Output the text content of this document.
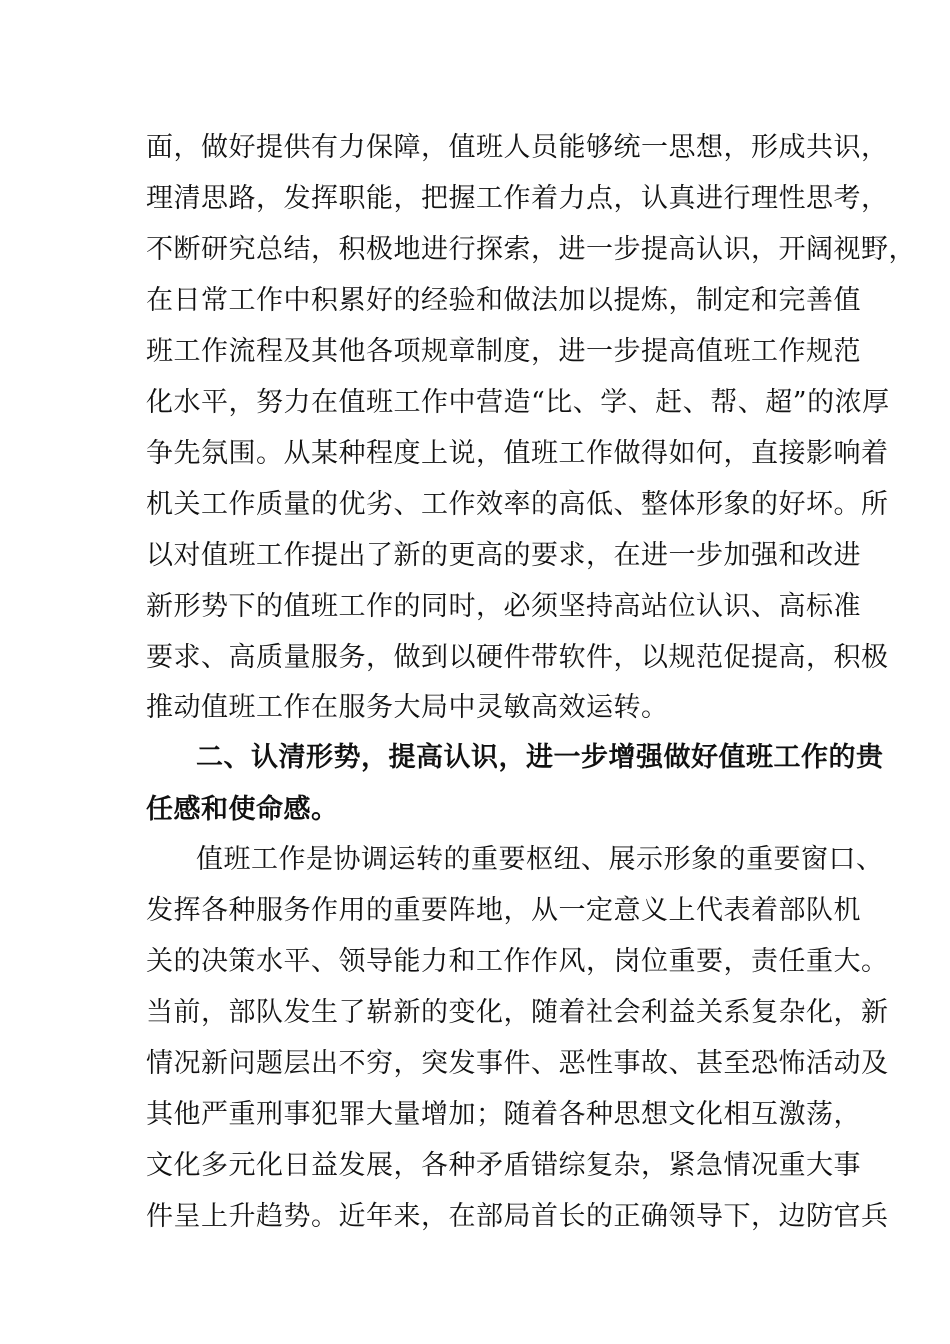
面，做好提供有力保障，值班人员能够统一思想，形成共识，
理清思路，发挥职能，把握工作着力点，认真进行理性思考，
不断研究总结，积极地进行探索，进一步提高认识，开阔视野，
在日常工作中积累好的经验和做法加以提炼，制定和完善值
班工作流程及其他各项规章制度，进一步提高值班工作规范
化水平，努力在值班工作中营造“比、学、赶、帮、超”的浓厚
争先氛围。从某种程度上说，值班工作做得如何，直接影响着
机关工作质量的优劣、工作效率的高低、整体形象的好坏。所
以对值班工作提出了新的更高的要求，在进一步加强和改进
新形势下的值班工作的同时，必须坚持高站位认识、高标准
要求、高质量服务，做到以硬件带软件，以规范促提高，积极
推动值班工作在服务大局中灵敏高效运转。
二、认清形势，提高认识，进一步增强做好值班工作的贵
任感和使命感。
值班工作是协调运转的重要枢纽、展示形象的重要窗口、
发挥各种服务作用的重要阵地，从一定意义上代表着部队机
关的决策水平、领导能力和工作作风，岗位重要，责任重大。
当前，部队发生了崭新的变化，随着社会利益关系复杂化，新
情况新问题层出不穷，突发事件、恶性事故、甚至恐怖活动及
其他严重刑事犯罪大量增加；随着各种思想文化相互激荡，
文化多元化日益发展，各种矛盾错综复杂，紧急情况重大事
件呈上升趋势。近年来，在部局首长的正确领导下，边防官兵
